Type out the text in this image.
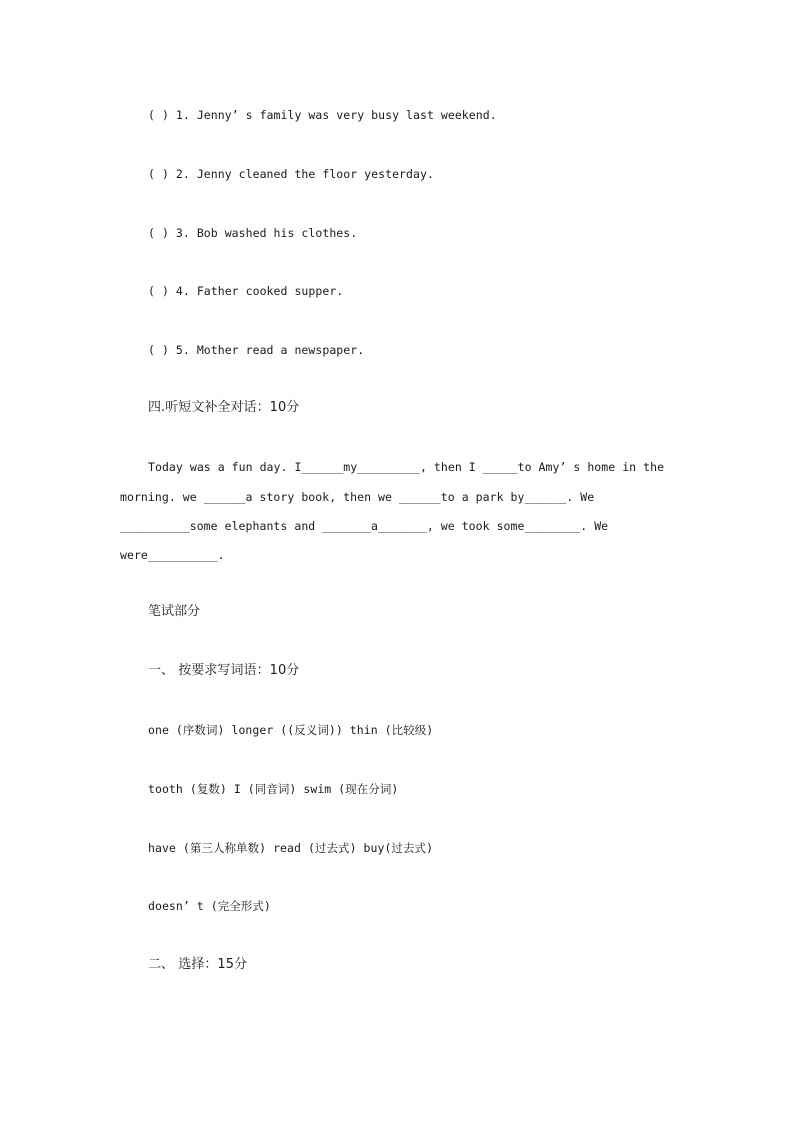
( ) 1. Jenny’ s family was very busy last weekend.
( ) 2. Jenny cleaned the floor yesterday.
( ) 3. Bob washed his clothes.
( ) 4. Father cooked supper.
( ) 5. Mother read a newspaper.
四.听短文补全对话：10分
Today was a fun day. I______my_________, then I _____to Amy’ s home in the
morning. we ______a story book, then we ______to a park by______. We
__________some elephants and _______a_______, we took some________. We
were__________.
笔试部分
一、 按要求写词语：10分
one (序数词) longer ((反义词)) thin (比较级)
tooth (复数) I (同音词) swim (现在分词)
have (第三人称单数) read (过去式) buy(过去式)
doesn’ t (完全形式)
二、 选择：15分
